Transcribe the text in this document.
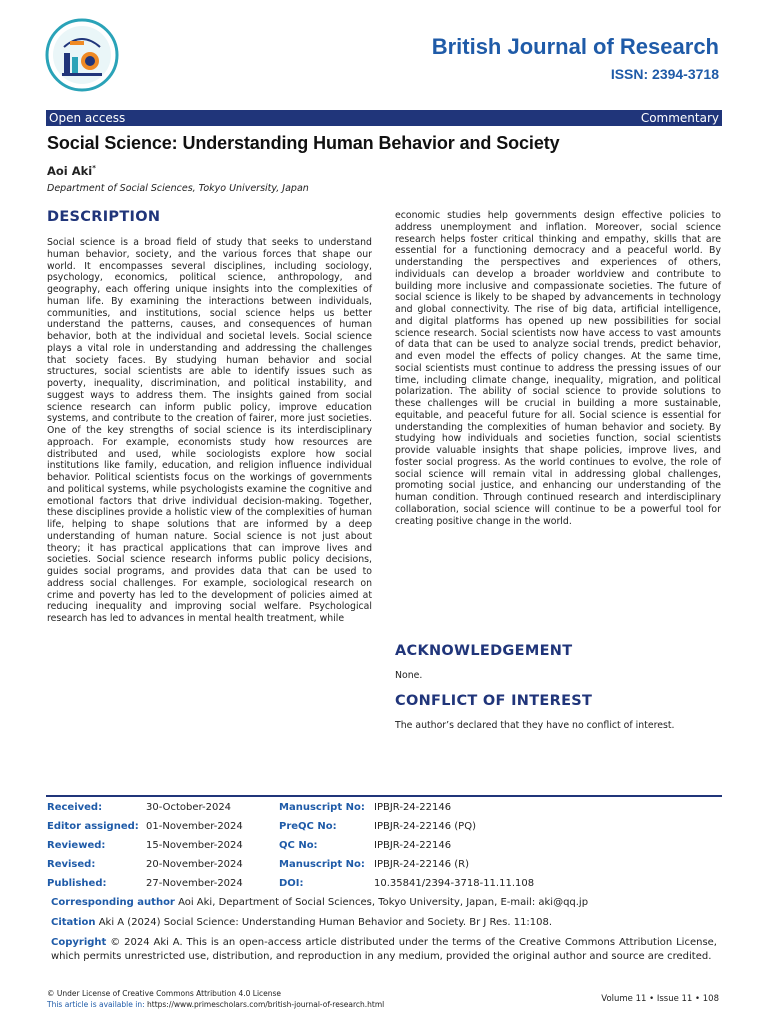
British Journal of Research
ISSN: 2394-3718
Open access	Commentary
Social Science: Understanding Human Behavior and Society
Aoi Aki*
Department of Social Sciences, Tokyo University, Japan
DESCRIPTION

Social science is a broad field of study that seeks to understand human behavior, society, and the various forces that shape our world. It encompasses several disciplines, including sociology, psychology, economics, political science, anthropology, and geography, each offering unique insights into the complexities of human life. By examining the interactions between individuals, communities, and institutions, social science helps us better understand the patterns, causes, and consequences of human behavior, both at the individual and societal levels. Social science plays a vital role in understanding and addressing the challenges that society faces. By studying human behavior and social structures, social scientists are able to identify issues such as poverty, inequality, discrimination, and political instability, and suggest ways to address them. The insights gained from social science research can inform public policy, improve education systems, and contribute to the creation of fairer, more just societies. One of the key strengths of social science is its interdisciplinary approach. For example, economists study how resources are distributed and used, while sociologists explore how social institutions like family, education, and religion influence individual behavior. Political scientists focus on the workings of governments and political systems, while psychologists examine the cognitive and emotional factors that drive individual decision-making. Together, these disciplines provide a holistic view of the complexities of human life, helping to shape solutions that are informed by a deep understanding of human nature. Social science is not just about theory; it has practical applications that can improve lives and societies. Social science research informs public policy decisions, guides social programs, and provides data that can be used to address social challenges. For example, sociological research on crime and poverty has led to the development of policies aimed at reducing inequality and improving social welfare. Psychological research has led to advances in mental health treatment, while

economic studies help governments design effective policies to address unemployment and inflation. Moreover, social science research helps foster critical thinking and empathy, skills that are essential for a functioning democracy and a peaceful world. By understanding the perspectives and experiences of others, individuals can develop a broader worldview and contribute to building more inclusive and compassionate societies. The future of social science is likely to be shaped by advancements in technology and global connectivity. The rise of big data, artificial intelligence, and digital platforms has opened up new possibilities for social science research. Social scientists now have access to vast amounts of data that can be used to analyze social trends, predict behavior, and even model the effects of policy changes. At the same time, social scientists must continue to address the pressing issues of our time, including climate change, inequality, migration, and political polarization. The ability of social science to provide solutions to these challenges will be crucial in building a more sustainable, equitable, and peaceful future for all. Social science is essential for understanding the complexities of human behavior and society. By studying how individuals and societies function, social scientists provide valuable insights that shape policies, improve lives, and foster social progress. As the world continues to evolve, the role of social science will remain vital in addressing global challenges, promoting social justice, and enhancing our understanding of the human condition. Through continued research and interdisciplinary collaboration, social science will continue to be a powerful tool for creating positive change in the world.

ACKNOWLEDGEMENT
None.
CONFLICT OF INTEREST
The author’s declared that they have no conflict of interest.
Received:	30-October-2024	Manuscript No:	IPBJR-24-22146
Editor assigned:	01-November-2024	PreQC No:	IPBJR-24-22146 (PQ)
Reviewed:	15-November-2024	QC No:	IPBJR-24-22146
Revised:	20-November-2024	Manuscript No:	IPBJR-24-22146 (R)
Published:	27-November-2024	DOI:	10.35841/2394-3718-11.11.108
Corresponding author Aoi Aki, Department of Social Sciences, Tokyo University, Japan, E-mail: aki@qq.jp
Citation Aki A (2024) Social Science: Understanding Human Behavior and Society. Br J Res. 11:108.
Copyright © 2024 Aki A. This is an open-access article distributed under the terms of the Creative Commons Attribution License, which permits unrestricted use, distribution, and reproduction in any medium, provided the original author and source are credited.
© Under License of Creative Commons Attribution 4.0 License
This article is available in: https://www.primescholars.com/british-journal-of-research.html
Volume 11 • Issue 11 • 108
